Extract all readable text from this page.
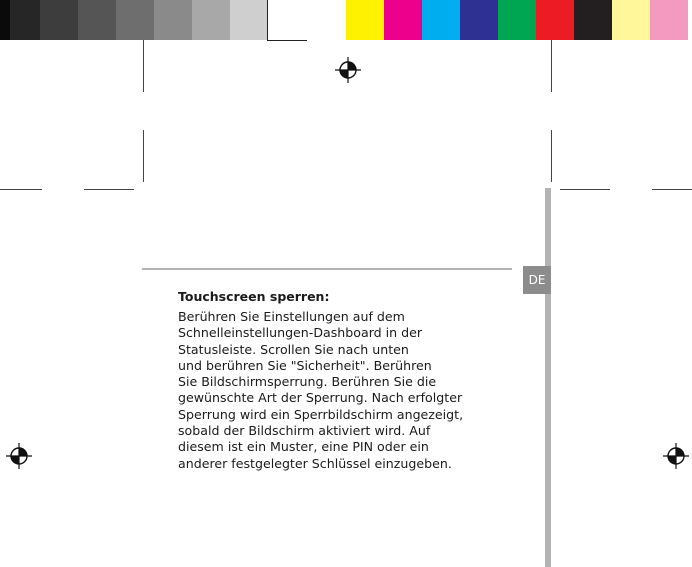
DE

Touchscreen sperren:

Berühren Sie Einstellungen auf dem
Schnelleinstellungen-Dashboard in der
Statusleiste. Scrollen Sie nach unten
und berühren Sie "Sicherheit". Berühren
Sie Bildschirmsperrung. Berühren Sie die
gewünschte Art der Sperrung. Nach erfolgter
Sperrung wird ein Sperrbildschirm angezeigt,
sobald der Bildschirm aktiviert wird. Auf
diesem ist ein Muster, eine PIN oder ein
anderer festgelegter Schlüssel einzugeben.
